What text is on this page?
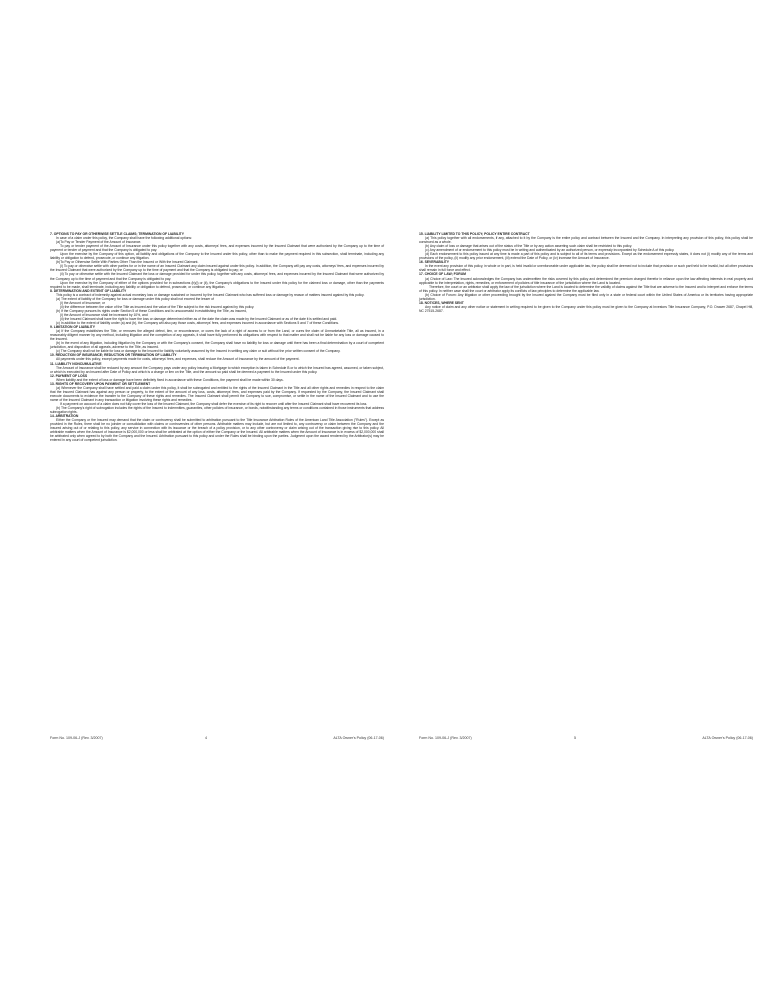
7. OPTIONS TO PAY OR OTHERWISE SETTLE CLAIMS; TERMINATION OF LIABILITY

In case of a claim under this policy, the Company shall have the following additional options:

(a)To Pay or Tender Payment of the Amount of Insurance.

To pay or tender payment of the Amount of Insurance under this policy together with any costs, attorneys' fees, and expenses incurred by the Insured Claimant that were authorized by the Company up to the time of payment or tender of payment and that the Company is obligated to pay.

Upon the exercise by the Company of this option, all liability and obligations of the Company to the Insured under this policy, other than to make the payment required in this subsection, shall terminate, including any liability or obligation to defend, prosecute, or continue any litigation.

(b)To Pay or Otherwise Settle With Parties Other Than the Insured or With the Insured Claimant.

(i) To pay or otherwise settle with other parties for or in the name of an Insured Claimant any claim insured against under this policy. In addition, the Company will pay any costs, attorneys' fees, and expenses incurred by the Insured Claimant that were authorized by the Company up to the time of payment and that the Company is obligated to pay; or

(ii) To pay or otherwise settle with the Insured Claimant the loss or damage provided for under this policy, together with any costs, attorneys' fees, and expenses incurred by the Insured Claimant that were authorized by the Company up to the time of payment and that the Company is obligated to pay.

Upon the exercise by the Company of either of the options provided for in subsections (b)(i) or (ii), the Company's obligations to the Insured under this policy for the claimed loss or damage, other than the payments required to be made, shall terminate, including any liability or obligation to defend, prosecute, or continue any litigation.

8. DETERMINATION AND EXTENT OF LIABILITY

This policy is a contract of indemnity against actual monetary loss or damage sustained or incurred by the Insured Claimant who has suffered loss or damage by reason of matters insured against by this policy.

(a) The extent of liability of the Company for loss or damage under this policy shall not exceed the lesser of

(i) the Amount of Insurance; or

(ii) the difference between the value of the Title as insured and the value of the Title subject to the risk insured against by this policy.

(b) If the Company pursues its rights under Section 5 of these Conditions and is unsuccessful in establishing the Title, as insured,

(i) the Amount of Insurance shall be increased by 10%, and

(ii) the Insured Claimant shall have the right to have the loss or damage determined either as of the date the claim was made by the Insured Claimant or as of the date it is settled and paid.

(c) In addition to the extent of liability under (a) and (b), the Company will also pay those costs, attorneys' fees, and expenses incurred in accordance with Sections 5 and 7 of these Conditions.

9. LIMITATION OF LIABILITY

(a) If the Company establishes the Title, or removes the alleged defect, lien, or encumbrance, or cures the lack of a right of access to or from the Land, or cures the claim of Unmarketable Title, all as insured, in a reasonably diligent manner by any method, including litigation and the completion of any appeals, it shall have fully performed its obligations with respect to that matter and shall not be liable for any loss or damage caused to the Insured.

(b) In the event of any litigation, including litigation by the Company or with the Company's consent, the Company shall have no liability for loss or damage until there has been a final determination by a court of competent jurisdiction, and disposition of all appeals, adverse to the Title, as insured.

(c) The Company shall not be liable for loss or damage to the Insured for liability voluntarily assumed by the Insured in settling any claim or suit without the prior written consent of the Company.

10. REDUCTION OF INSURANCE; REDUCTION OR TERMINATION OF LIABILITY

All payments under this policy, except payments made for costs, attorneys' fees, and expenses, shall reduce the Amount of Insurance by the amount of the payment.

11. LIABILITY NONCUMULATIVE

The Amount of Insurance shall be reduced by any amount the Company pays under any policy insuring a Mortgage to which exception is taken in Schedule B or to which the Insured has agreed, assumed, or taken subject, or which is executed by an Insured after Date of Policy and which is a charge or lien on the Title, and the amount so paid shall be deemed a payment to the Insured under this policy.

12. PAYMENT OF LOSS

When liability and the extent of loss or damage have been definitely fixed in accordance with these Conditions, the payment shall be made within 30 days.

13. RIGHTS OF RECOVERY UPON PAYMENT OR SETTLEMENT

(a) Whenever the Company shall have settled and paid a claim under this policy, it shall be subrogated and entitled to the rights of the Insured Claimant in the Title and all other rights and remedies in respect to the claim that the Insured Claimant has against any person or property, to the extent of the amount of any loss, costs, attorneys' fees, and expenses paid by the Company. If requested by the Company, the Insured Claimant shall execute documents to evidence the transfer to the Company of these rights and remedies. The Insured Claimant shall permit the Company to sue, compromise, or settle in the name of the Insured Claimant and to use the name of the Insured Claimant in any transaction or litigation involving these rights and remedies.

If a payment on account of a claim does not fully cover the loss of the Insured Claimant, the Company shall defer the exercise of its right to recover until after the Insured Claimant shall have recovered its loss.

(b) The Company's right of subrogation includes the rights of the Insured to indemnities, guaranties, other policies of insurance, or bonds, notwithstanding any terms or conditions contained in those instruments that address subrogation rights.

14. ARBITRATION

Either the Company or the Insured may demand that the claim or controversy shall be submitted to arbitration pursuant to the Title Insurance Arbitration Rules of the American Land Title Association ("Rules"). Except as provided in the Rules, there shall be no joinder or consolidation with claims or controversies of other persons. Arbitrable matters may include, but are not limited to, any controversy or claim between the Company and the Insured arising out of or relating to this policy, any service in connection with its issuance or the breach of a policy provision, or to any other controversy or claim arising out of the transaction giving rise to this policy. All arbitrable matters when the Amount of Insurance is $2,000,000 or less shall be arbitrated at the option of either the Company or the Insured. All arbitrable matters when the Amount of Insurance is in excess of $2,000,000 shall be arbitrated only when agreed to by both the Company and the Insured. Arbitration pursuant to this policy and under the Rules shall be binding upon the parties. Judgment upon the award rendered by the Arbitrator(s) may be entered in any court of competent jurisdiction.

15. LIABILITY LIMITED TO THIS POLICY; POLICY ENTIRE CONTRACT

(a) This policy together with all endorsements, if any, attached to it by the Company is the entire policy and contract between the Insured and the Company. In interpreting any provision of this policy, this policy shall be construed as a whole.

(b) Any claim of loss or damage that arises out of the status of the Title or by any action asserting such claim shall be restricted to this policy.

(c) Any amendment of or endorsement to this policy must be in writing and authenticated by an authorized person, or expressly incorporated by Schedule A of this policy.

(d) Each endorsement to this policy issued at any time is made a part of this policy and is subject to all of its terms and provisions. Except as the endorsement expressly states, it does not (i) modify any of the terms and provisions of the policy, (ii) modify any prior endorsement, (iii) extend the Date of Policy, or (iv) increase the Amount of Insurance.

16. SEVERABILITY

In the event any provision of this policy, in whole or in part, is held invalid or unenforceable under applicable law, the policy shall be deemed not to include that provision or such part held to be invalid, but all other provisions shall remain in full force and effect.

17. CHOICE OF LAW; FORUM

(a) Choice of Law: The Insured acknowledges the Company has underwritten the risks covered by this policy and determined the premium charged therefor in reliance upon the law affecting interests in real property and applicable to the interpretation, rights, remedies, or enforcement of policies of title insurance of the jurisdiction where the Land is located.

Therefore, the court or an arbitrator shall apply the law of the jurisdiction where the Land is located to determine the validity of claims against the Title that are adverse to the Insured and to interpret and enforce the terms of this policy. In neither case shall the court or arbitrator apply its conflicts of law principles to determine the applicable law.

(b) Choice of Forum: Any litigation or other proceeding brought by the Insured against the Company must be filed only in a state or federal court within the United States of America or its territories having appropriate jurisdiction.

18. NOTICES, WHERE SENT

Any notice of claim and any other notice or statement in writing required to be given to the Company under this policy must be given to the Company at Investors Title Insurance Company, P.O. Drawer 2687, Chapel Hill, NC 27515-2687.

Form No. 109-06-J (Rev. 3/2007)	4	ALTA Owner's Policy (06-17-06)	Form No. 109-06-J (Rev. 3/2007)	5	ALTA Owner's Policy (06-17-06)
